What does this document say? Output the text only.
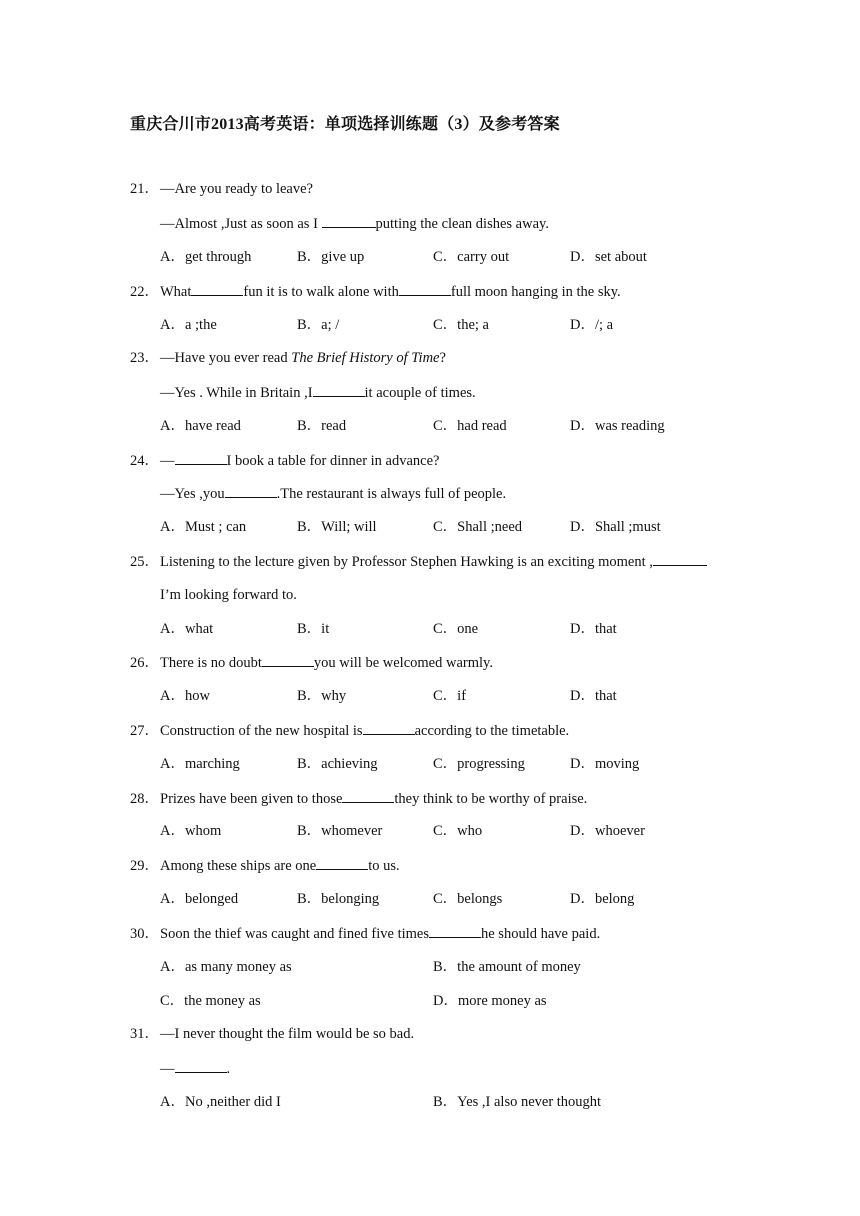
重庆合川市2013高考英语：单项选择训练题（3）及参考答案
21．—Are you ready to leave?
—Almost ,Just as soon as I	putting the clean dishes away.
A．get through	B．give up	C．carry out	D．set about
22．What	fun it is to walk alone with	full moon hanging in the sky.
A．a ;the	B．a; /	C．the; a	D．/; a
23．—Have you ever read The Brief History of Time?
—Yes . While in Britain ,I	it acouple of times.
A．have read	B．read	C．had read	D．was reading
24．—	I book a table for dinner in advance?
—Yes ,you	.The restaurant is always full of people.
A．Must ; can	B．Will; will	C．Shall ;need	D．Shall ;must
25．Listening to the lecture given by Professor Stephen Hawking is an exciting moment ,
I’m looking forward to.
A．what	B．it	C．one	D．that
26．There is no doubt	you will be welcomed warmly.
A．how	B．why	C．if	D．that
27．Construction of the new hospital is	according to the timetable.
A．marching	B．achieving	C．progressing	D．moving
28．Prizes have been given to those	they think to be worthy of praise.
A．whom	B．whomever	C．who	D．whoever
29．Among these ships are one	to us.
A．belonged	B．belonging	C．belongs	D．belong
30．Soon the thief was caught and fined five times	he should have paid.
A．as many money as	B．the amount of money
C．the money as	D．more money as
31．—I never thought the film would be so bad.
—	.
A．No ,neither did I	B．Yes ,I also never thought
